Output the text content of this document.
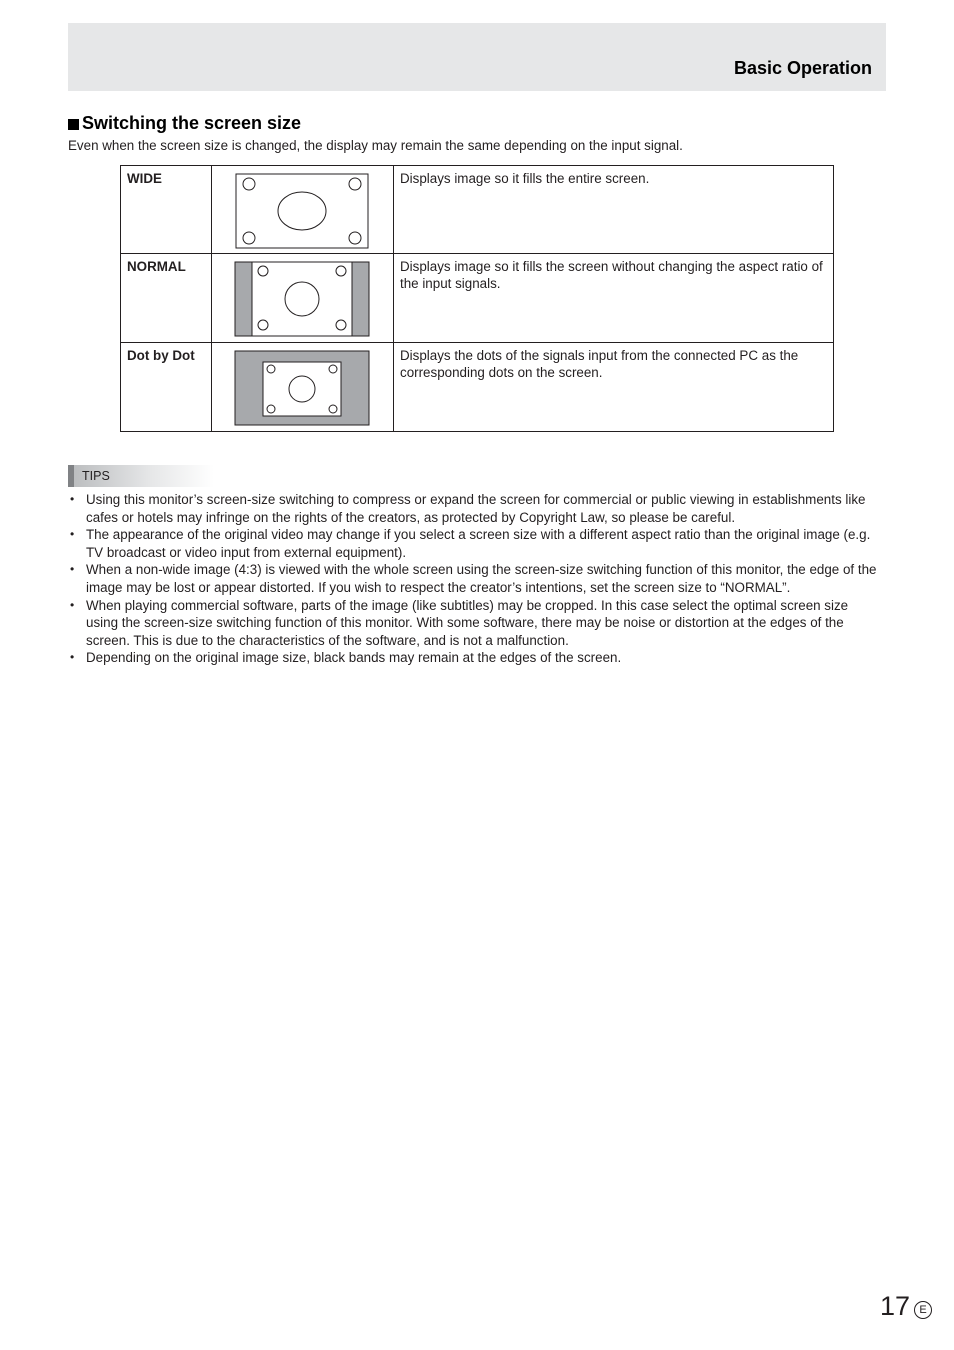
Basic Operation
Switching the screen size
Even when the screen size is changed, the display may remain the same depending on the input signal.
WIDE		Displays image so it fills the entire screen.
NORMAL		Displays image so it fills the screen without changing the aspect ratio of the input signals.
Dot by Dot		Displays the dots of the signals input from the connected PC as the corresponding dots on the screen.
TIPS
• Using this monitor’s screen-size switching to compress or expand the screen for commercial or public viewing in establishments like cafes or hotels may infringe on the rights of the creators, as protected by Copyright Law, so please be careful.
• The appearance of the original video may change if you select a screen size with a different aspect ratio than the original image (e.g. TV broadcast or video input from external equipment).
• When a non-wide image (4:3) is viewed with the whole screen using the screen-size switching function of this monitor, the edge of the image may be lost or appear distorted. If you wish to respect the creator’s intentions, set the screen size to “NORMAL”.
• When playing commercial software, parts of the image (like subtitles) may be cropped. In this case select the optimal screen size using the screen-size switching function of this monitor. With some software, there may be noise or distortion at the edges of the screen. This is due to the characteristics of the software, and is not a malfunction.
• Depending on the original image size, black bands may remain at the edges of the screen.
17 E
